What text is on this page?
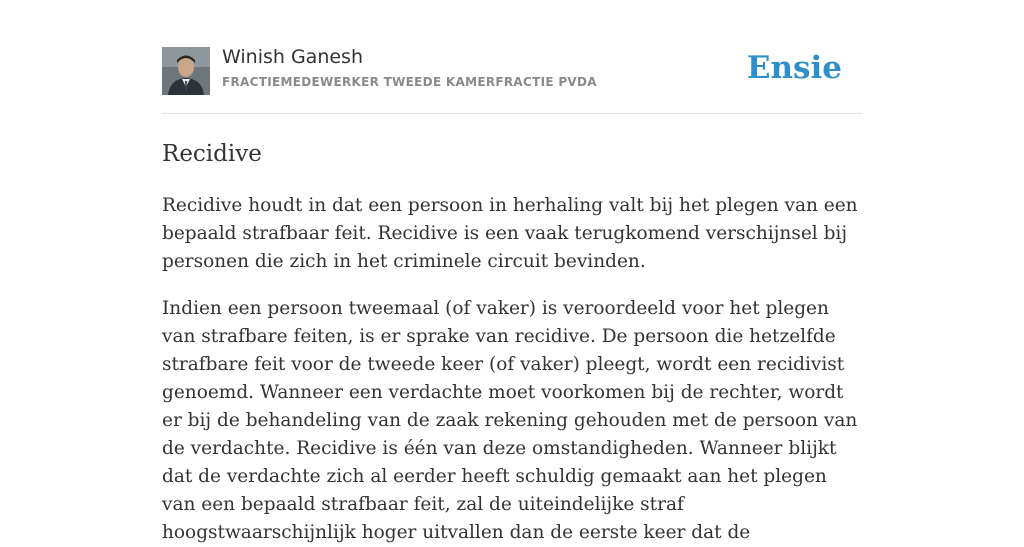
Winish Ganesh
FRACTIEMEDEWERKER TWEEDE KAMERFRACTIE PVDA	Ensie
Recidive

Recidive houdt in dat een persoon in herhaling valt bij het plegen van een bepaald strafbaar feit. Recidive is een vaak terugkomend verschijnsel bij personen die zich in het criminele circuit bevinden.

Indien een persoon tweemaal (of vaker) is veroordeeld voor het plegen van strafbare feiten, is er sprake van recidive. De persoon die hetzelfde strafbare feit voor de tweede keer (of vaker) pleegt, wordt een recidivist genoemd. Wanneer een verdachte moet voorkomen bij de rechter, wordt er bij de behandeling van de zaak rekening gehouden met de persoon van de verdachte. Recidive is één van deze omstandigheden. Wanneer blijkt dat de verdachte zich al eerder heeft schuldig gemaakt aan het plegen van een bepaald strafbaar feit, zal de uiteindelijke straf hoogstwaarschijnlijk hoger uitvallen dan de eerste keer dat de
